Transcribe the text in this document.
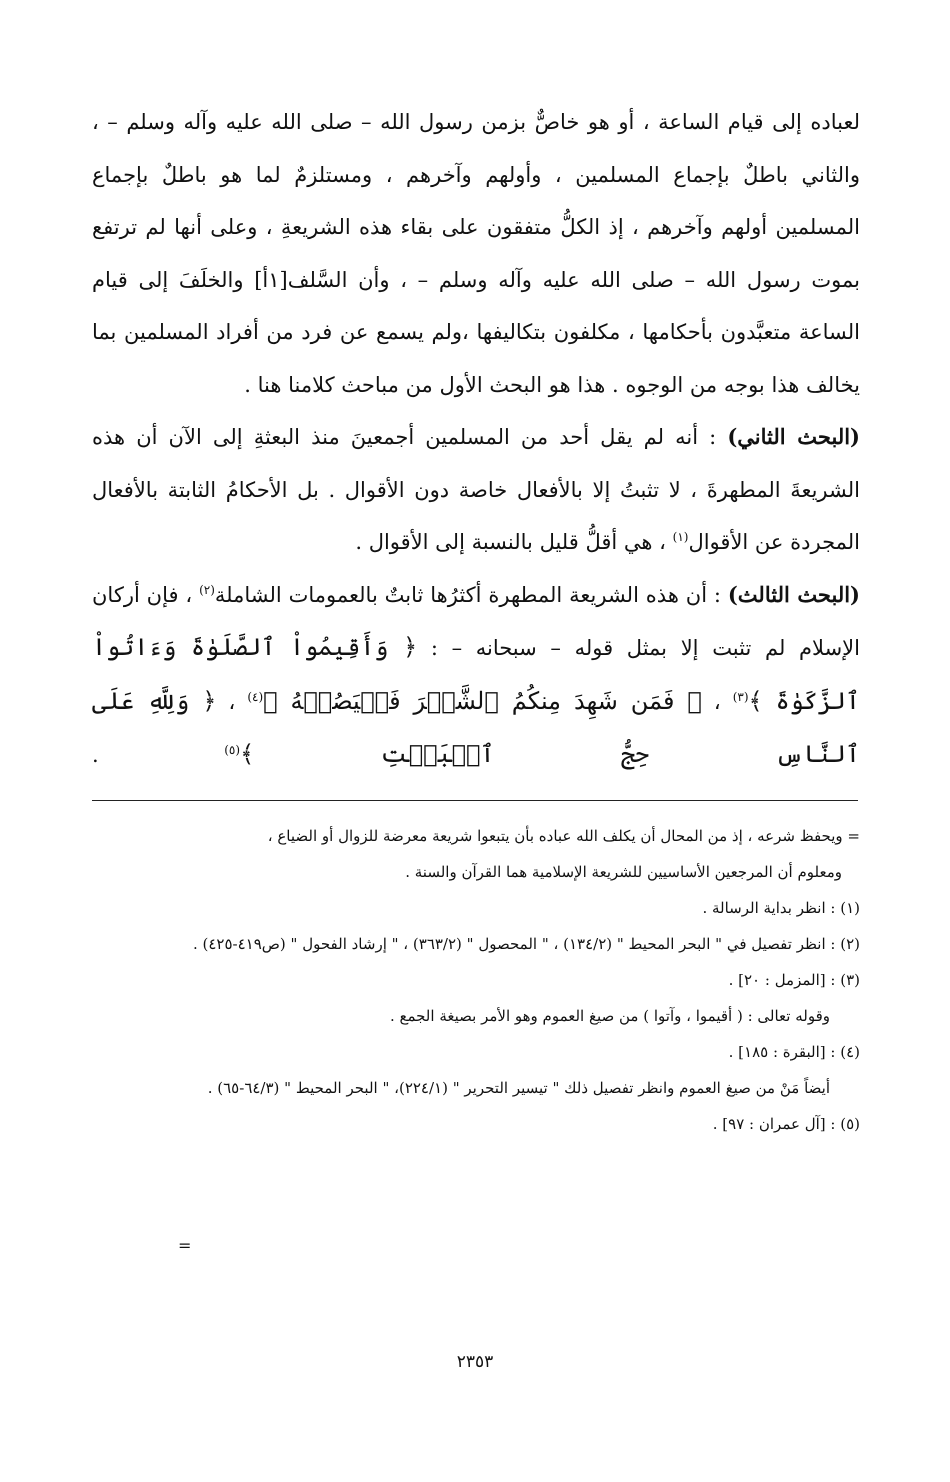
لعباده إلى قيام الساعة ، أو هو خاصٌّ بزمن رسول الله – صلى الله عليه وآله وسلم – ، والثاني باطلٌ بإجماع المسلمين ، وأولهم وآخرهم ، ومستلزمٌ لما هو باطلٌ بإجماع المسلمين أولهم وآخرهم ، إذ الكلُّ متفقون على بقاء هذه الشريعةِ ، وعلى أنها لم ترتفع بموت رسول الله – صلى الله عليه وآله وسلم – ، وأن السَّلف[١أ] والخلَفَ إلى قيام الساعة متعبَّدون بأحكامها ، مكلفون بتكاليفها ،ولم يسمع عن فرد من أفراد المسلمين بما يخالف هذا بوجه من الوجوه . هذا هو البحث الأول من مباحث كلامنا هنا .

(البحث الثاني) : أنه لم يقل أحد من المسلمين أجمعينَ منذ البعثةِ إلى الآن أن هذه الشريعةَ المطهرةَ ، لا تثبتُ إلا بالأفعال خاصة دون الأقوال . بل الأحكامُ الثابتة بالأفعال المجردة عن الأقوال$^{(١)}$ ، هي أقلُّ قليل بالنسبة إلى الأقوال .

(البحث الثالث) : أن هذه الشريعة المطهرة أكثرُها ثابتٌ بالعمومات الشاملة$^{(٢)}$ ، فإن أركان الإسلام لم تثبت إلا بمثل قوله – سبحانه – : ﴿ وَأَقِيمُواْ ٱلصَّلَوٰةَ وَءَاتُواْ ٱلزَّكَوٰةَ ﴾$^{(٣)}$ ، ﴿ فَمَن شَهِدَ مِنكُمُ ٱلشَّهۡرَ فَلۡيَصُمۡهُ ﴾$^{(٤)}$ ، ﴿ وَلِلَّهِ عَلَى ٱلنَّاسِ حِجُّ ٱلۡبَيۡتِ ﴾$^{(٥)}$ .

= ويحفظ شرعه ، إذ من المحال أن يكلف الله عباده بأن يتبعوا شريعة معرضة للزوال أو الضياع ،

ومعلوم أن المرجعين الأساسيين للشريعة الإسلامية هما القرآن والسنة .

(١) : انظر بداية الرسالة .

(٢) : انظر تفصيل في " البحر المحيط " (١٣٤/٢) ، " المحصول " (٣٦٣/٢) ، " إرشاد الفحول " (ص٤١٩-٤٢٥) .

(٣) : [المزمل : ٢٠] .

وقوله تعالى : ( أقيموا ، وآتوا ) من صيغ العموم وهو الأمر بصيغة الجمع .

(٤) : [البقرة : ١٨٥] .

أيضاً مَنْ من صيغ العموم وانظر تفصيل ذلك " تيسير التحرير " (٢٢٤/١)، " البحر المحيط " (٦٤/٣-٦٥) .

(٥) : [آل عمران : ٩٧] .

=
٢٣٥٣
